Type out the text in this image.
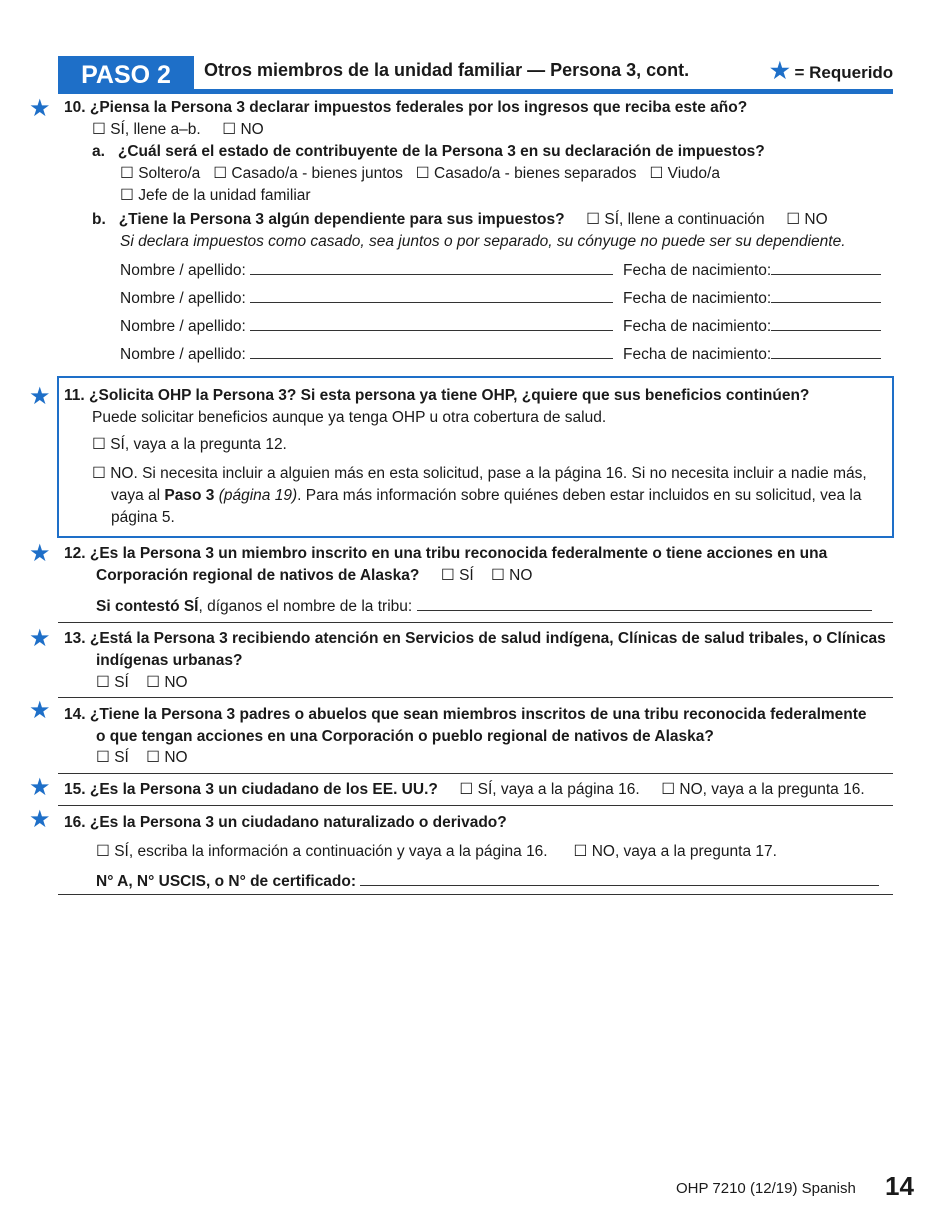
PASO 2	Otros miembros de la unidad familiar — Persona 3, cont.	★ = Requerido
★ 10. ¿Piensa la Persona 3 declarar impuestos federales por los ingresos que reciba este año?
☐ SÍ, llene a–b. ☐ NO
a. ¿Cuál será el estado de contribuyente de la Persona 3 en su declaración de impuestos?
☐ Soltero/a ☐ Casado/a - bienes juntos ☐ Casado/a - bienes separados ☐ Viudo/a
☐ Jefe de la unidad familiar
b. ¿Tiene la Persona 3 algún dependiente para sus impuestos? ☐ SÍ, llene a continuación ☐ NO
Si declara impuestos como casado, sea juntos o por separado, su cónyuge no puede ser su dependiente.
Nombre / apellido:	Fecha de nacimiento:
Nombre / apellido:	Fecha de nacimiento:
Nombre / apellido:	Fecha de nacimiento:
Nombre / apellido:	Fecha de nacimiento:
★ 11. ¿Solicita OHP la Persona 3? Si esta persona ya tiene OHP, ¿quiere que sus beneficios continúen?
Puede solicitar beneficios aunque ya tenga OHP u otra cobertura de salud.
☐ SÍ, vaya a la pregunta 12.
☐ NO. Si necesita incluir a alguien más en esta solicitud, pase a la página 16. Si no necesita incluir a nadie más,
vaya al Paso 3 (página 19). Para más información sobre quiénes deben estar incluidos en su solicitud, vea la
página 5.
★ 12. ¿Es la Persona 3 un miembro inscrito en una tribu reconocida federalmente o tiene acciones en una
Corporación regional de nativos de Alaska? ☐ SÍ ☐ NO
Si contestó SÍ, díganos el nombre de la tribu:
★ 13. ¿Está la Persona 3 recibiendo atención en Servicios de salud indígena, Clínicas de salud tribales, o Clínicas
indígenas urbanas?
☐ SÍ ☐ NO
★ 14. ¿Tiene la Persona 3 padres o abuelos que sean miembros inscritos de una tribu reconocida federalmente
o que tengan acciones en una Corporación o pueblo regional de nativos de Alaska?
☐ SÍ ☐ NO
★ 15. ¿Es la Persona 3 un ciudadano de los EE. UU.? ☐ SÍ, vaya a la página 16. ☐ NO, vaya a la pregunta 16.
★ 16. ¿Es la Persona 3 un ciudadano naturalizado o derivado?
☐ SÍ, escriba la información a continuación y vaya a la página 16. ☐ NO, vaya a la pregunta 17.
N° A, N° USCIS, o N° de certificado:
OHP 7210 (12/19) Spanish 14
